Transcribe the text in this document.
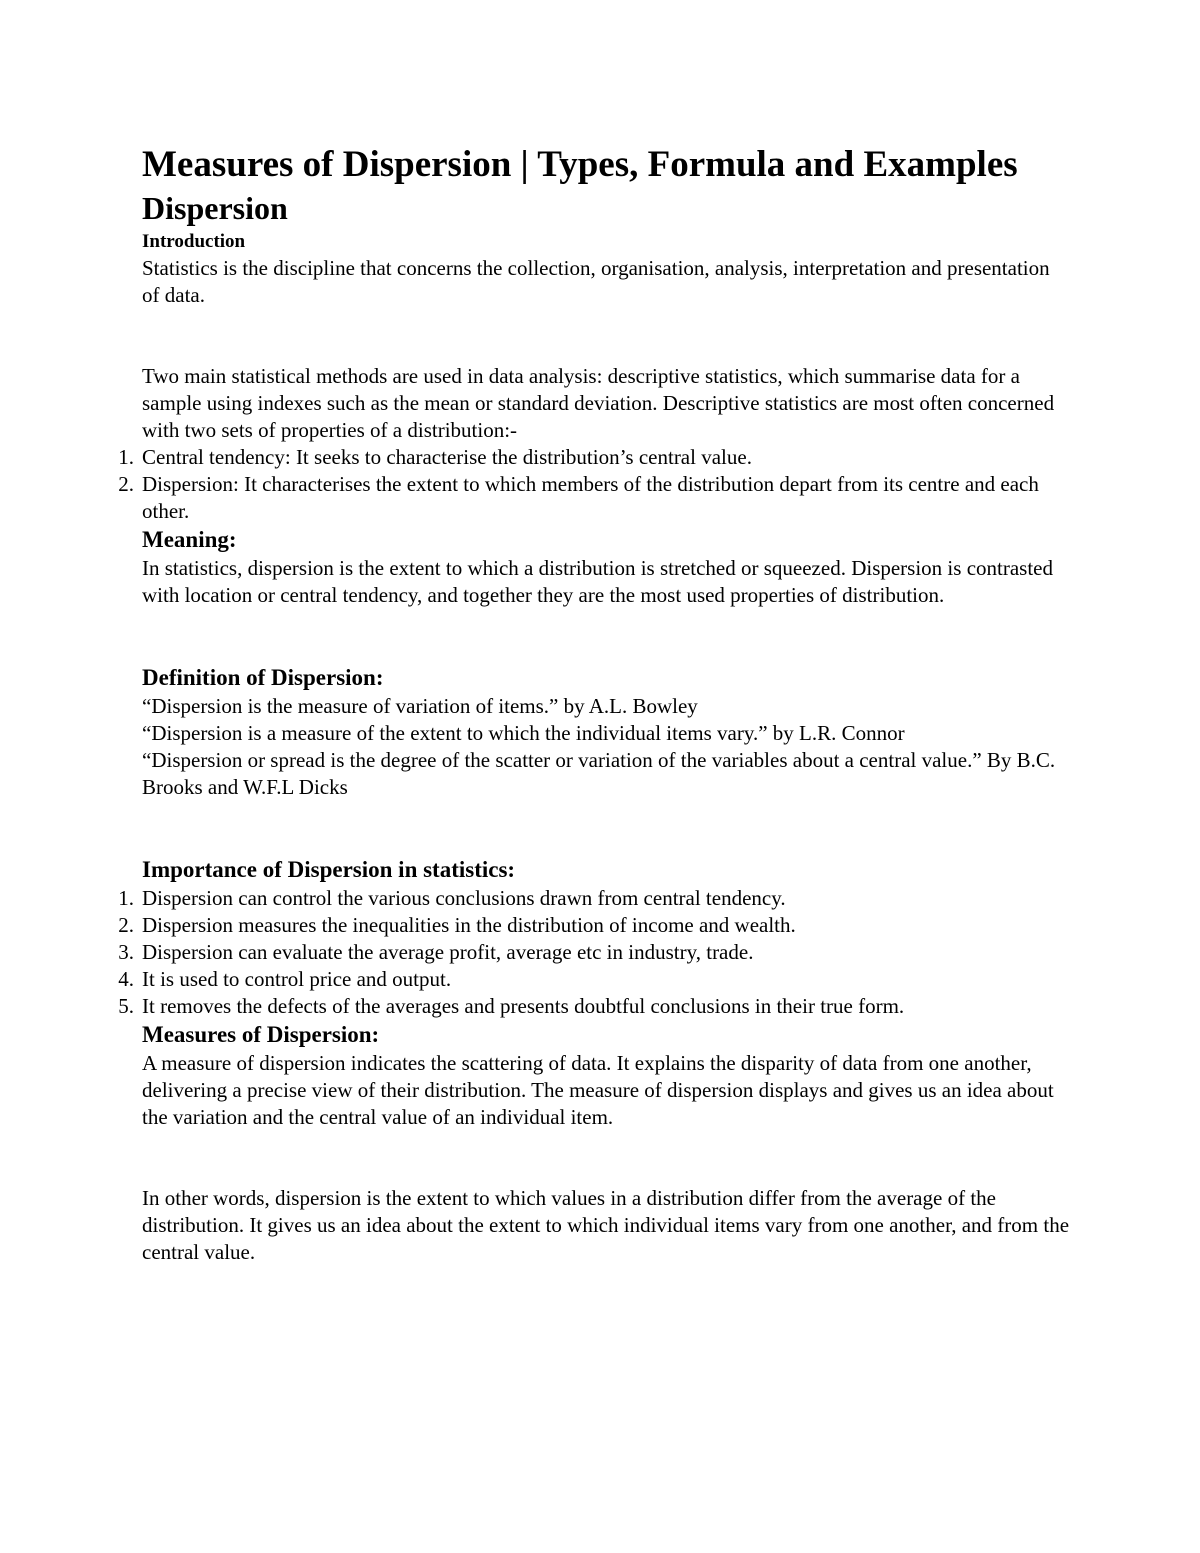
Measures of Dispersion | Types, Formula and Examples
Dispersion
Introduction

Statistics is the discipline that concerns the collection, organisation, analysis, interpretation and presentation of data.

Two main statistical methods are used in data analysis: descriptive statistics, which summarise data for a sample using indexes such as the mean or standard deviation. Descriptive statistics are most often concerned with two sets of properties of a distribution:-

1. Central tendency: It seeks to characterise the distribution’s central value.
2. Dispersion: It characterises the extent to which members of the distribution depart from its centre and each other.
Meaning:

In statistics, dispersion is the extent to which a distribution is stretched or squeezed. Dispersion is contrasted with location or central tendency, and together they are the most used properties of distribution.

Definition of Dispersion:

“Dispersion is the measure of variation of items.” by A.L. Bowley

“Dispersion is a measure of the extent to which the individual items vary.” by L.R. Connor

“Dispersion or spread is the degree of the scatter or variation of the variables about a central value.” By B.C. Brooks and W.F.L Dicks

Importance of Dispersion in statistics:
1. Dispersion can control the various conclusions drawn from central tendency.
2. Dispersion measures the inequalities in the distribution of income and wealth.
3. Dispersion can evaluate the average profit, average etc in industry, trade.
4. It is used to control price and output.
5. It removes the defects of the averages and presents doubtful conclusions in their true form.
Measures of Dispersion:

A measure of dispersion indicates the scattering of data. It explains the disparity of data from one another, delivering a precise view of their distribution. The measure of dispersion displays and gives us an idea about the variation and the central value of an individual item.

In other words, dispersion is the extent to which values in a distribution differ from the average of the distribution. It gives us an idea about the extent to which individual items vary from one another, and from the central value.
